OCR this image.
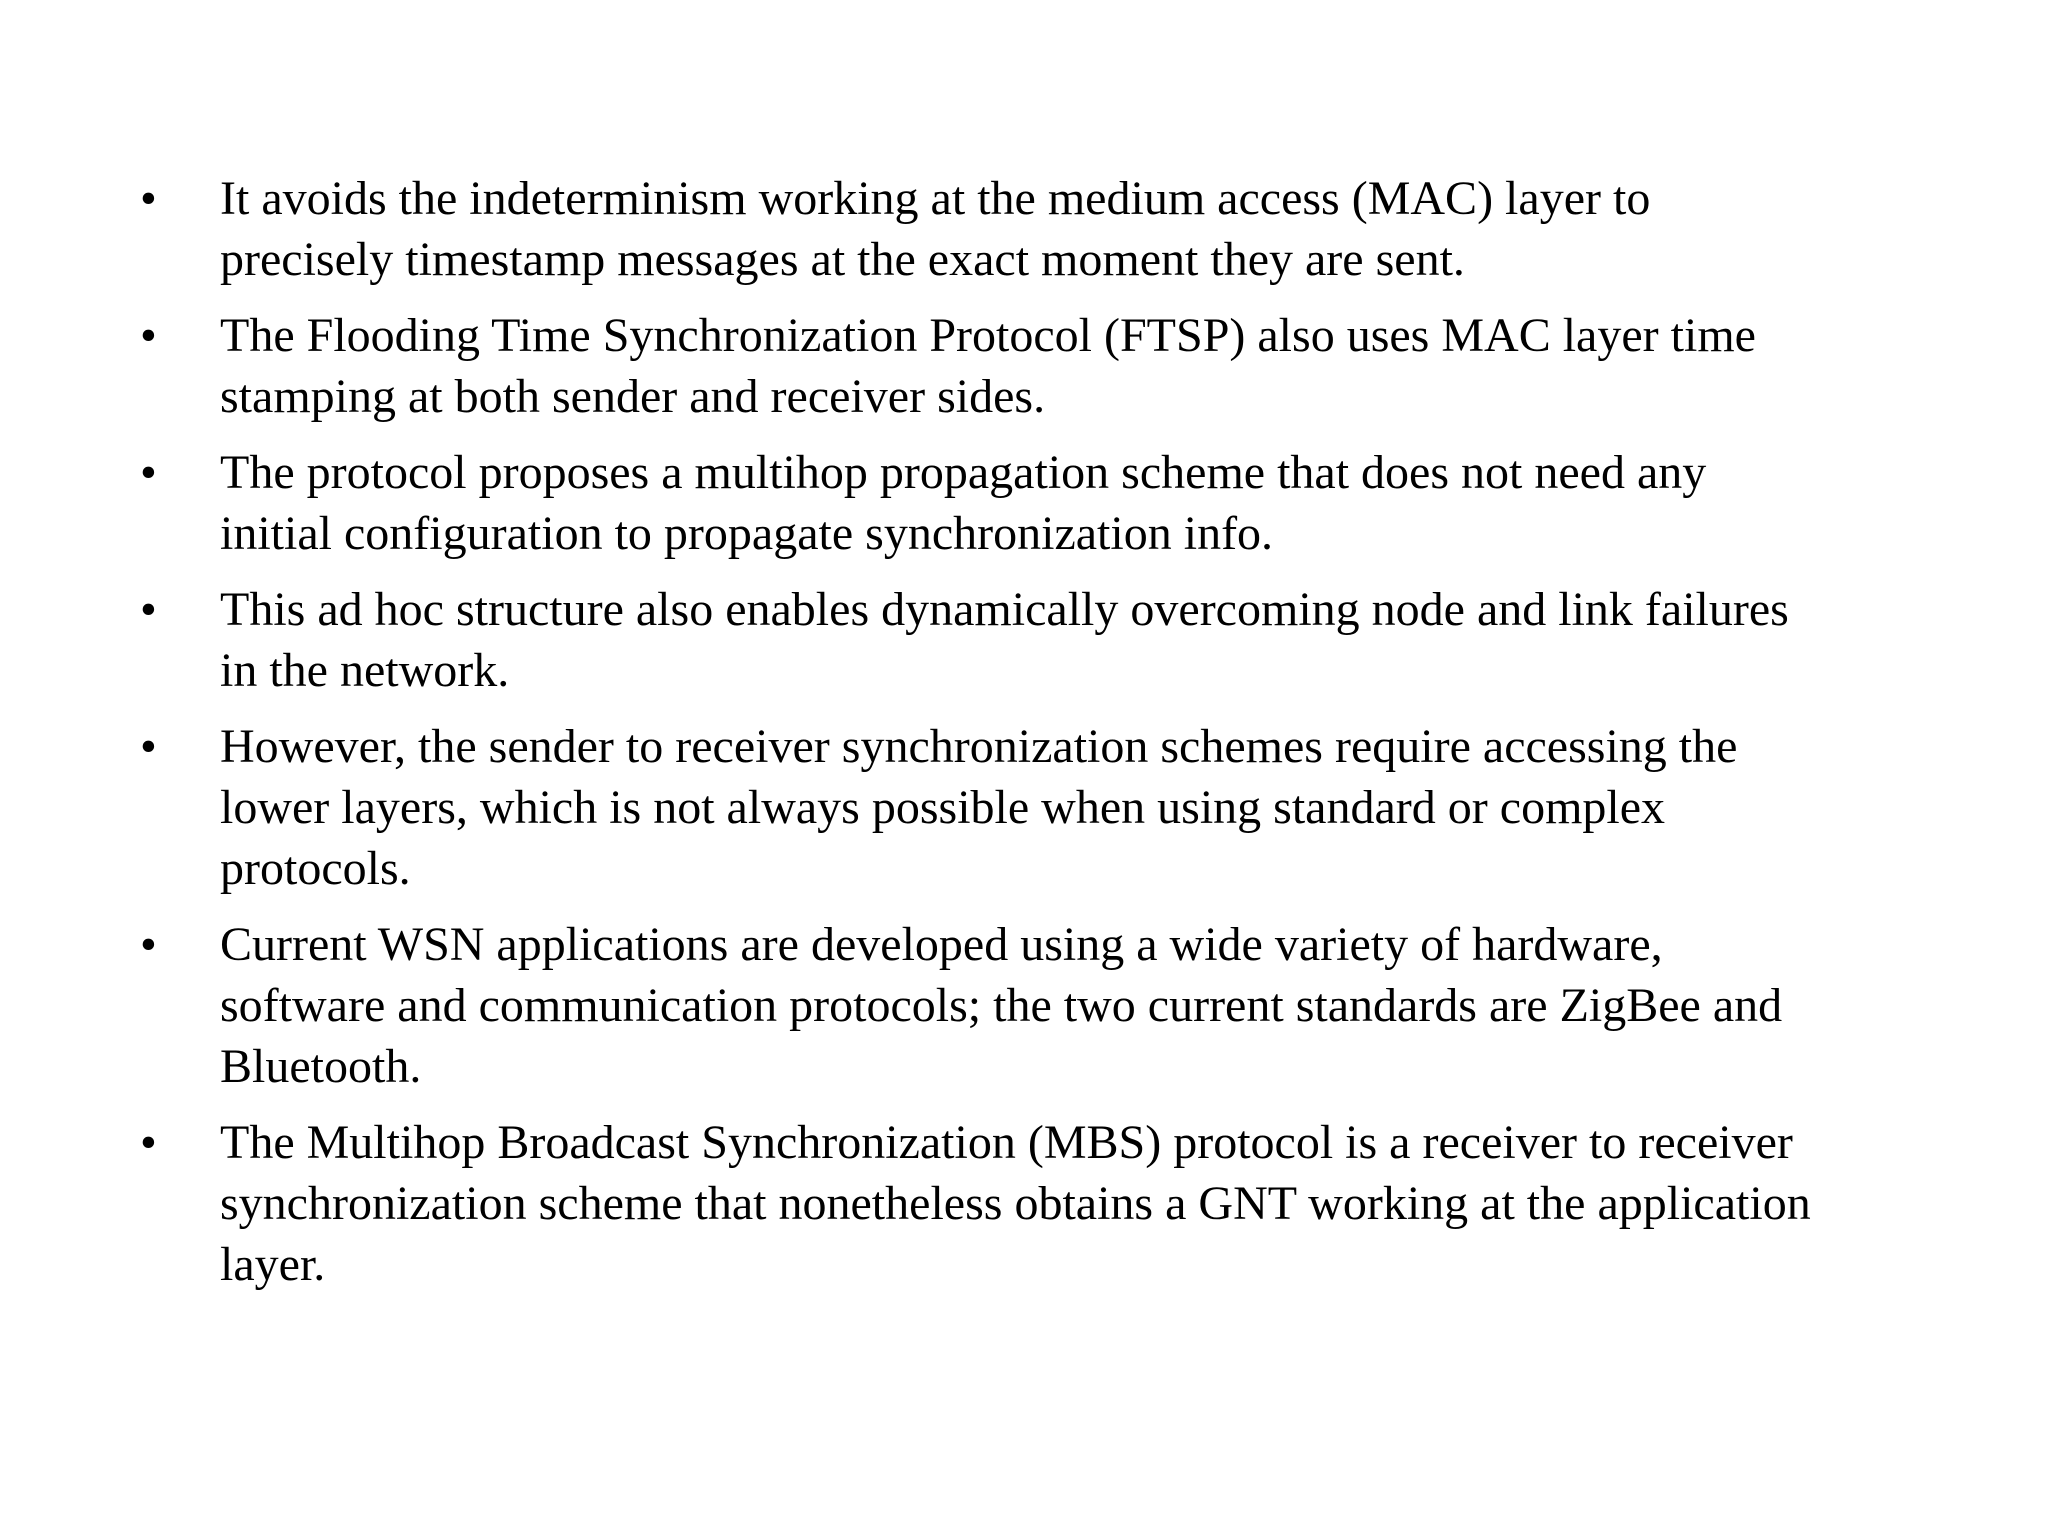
•	It avoids the indeterminism working at the medium access (MAC) layer to
precisely timestamp messages at the exact moment they are sent.
•	The Flooding Time Synchronization Protocol (FTSP) also uses MAC layer time
stamping at both sender and receiver sides.
•	The protocol proposes a multihop propagation scheme that does not need any
initial configuration to propagate synchronization info.
•	This ad hoc structure also enables dynamically overcoming node and link failures
in the network.
•	However, the sender to receiver synchronization schemes require accessing the
lower layers, which is not always possible when using standard or complex
protocols.
•	Current WSN applications are developed using a wide variety of hardware,
software and communication protocols; the two current standards are ZigBee and
Bluetooth.
•	The Multihop Broadcast Synchronization (MBS) protocol is a receiver to receiver
synchronization scheme that nonetheless obtains a GNT working at the application
layer.
